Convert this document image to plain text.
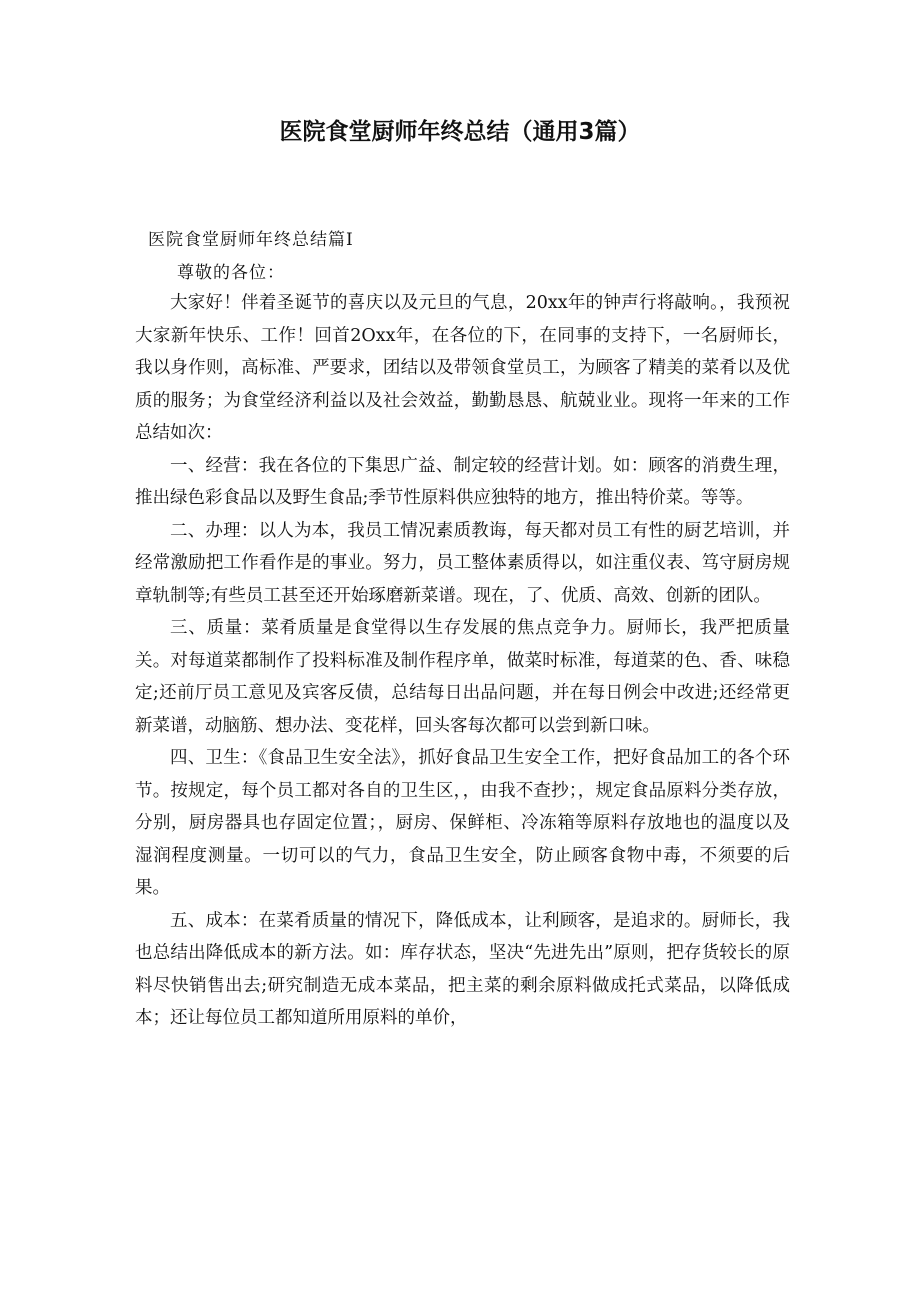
医院食堂厨师年终总结（通用3篇）
医院食堂厨师年终总结篇I
尊敬的各位：

大家好！伴着圣诞节的喜庆以及元旦的气息，20xx年的钟声行将敲响。，我预祝大家新年快乐、工作！回首2Oxx年，在各位的下，在同事的支持下，一名厨师长，我以身作则，高标准、严要求，团结以及带领食堂员工，为顾客了精美的菜肴以及优质的服务；为食堂经济利益以及社会效益，勤勤恳恳、航兢业业。现将一年来的工作总结如次：

一、经营：我在各位的下集思广益、制定较的经营计划。如：顾客的消费生理，推出绿色彩食品以及野生食品;季节性原料供应独特的地方，推出特价菜。等等。

二、办理：以人为本，我员工情况素质教诲，每天都对员工有性的厨艺培训，并经常激励把工作看作是的事业。努力，员工整体素质得以，如注重仪表、笃守厨房规章轨制等;有些员工甚至还开始琢磨新菜谱。现在，了、优质、高效、创新的团队。

三、质量：菜肴质量是食堂得以生存发展的焦点竞争力。厨师长，我严把质量关。对每道菜都制作了投料标准及制作程序单，做菜时标准，每道菜的色、香、味稳定;还前厅员工意见及宾客反债，总结每日出品问题，并在每日例会中改进;还经常更新菜谱，动脑筋、想办法、变花样，回头客每次都可以尝到新口味。

四、卫生：《食品卫生安全法》，抓好食品卫生安全工作，把好食品加工的各个环节。按规定，每个员工都对各自的卫生区，，由我不查抄；，规定食品原料分类存放，分别，厨房器具也存固定位置；，厨房、保鲜柜、冷冻箱等原料存放地也的温度以及湿润程度测量。一切可以的气力，食品卫生安全，防止顾客食物中毒，不须要的后果。

五、成本：在菜肴质量的情况下，降低成本，让利顾客，是追求的。厨师长，我也总结出降低成本的新方法。如：库存状态，坚决“先进先出”原则，把存货较长的原料尽快销售出去;研究制造无成本菜品，把主菜的剩余原料做成托式菜品，以降低成本；还让每位员工都知道所用原料的单价，
